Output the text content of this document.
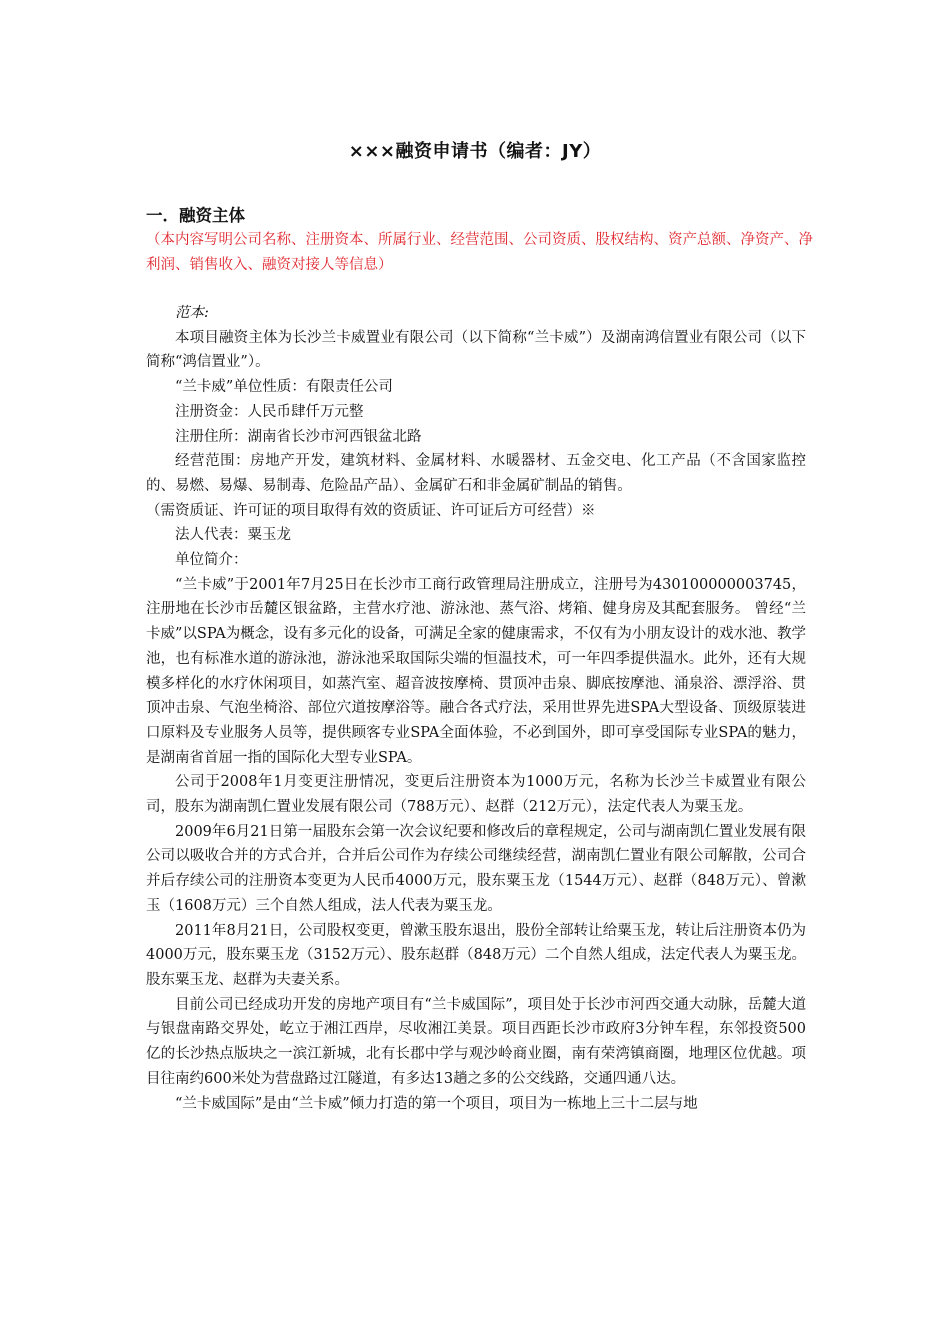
×××融资申请书（编者：JY）
一．融资主体
（本内容写明公司名称、注册资本、所属行业、经营范围、公司资质、股权结构、资产总额、净资产、净利润、销售收入、融资对接人等信息）

范本:

本项目融资主体为长沙兰卡威置业有限公司（以下简称“兰卡威”）及湖南鸿信置业有限公司（以下简称“鸿信置业”）。

“兰卡威”单位性质：有限责任公司

注册资金：人民币肆仟万元整

注册住所：湖南省长沙市河西银盆北路

经营范围：房地产开发，建筑材料、金属材料、水暖器材、五金交电、化工产品（不含国家监控的、易燃、易爆、易制毒、危险品产品）、金属矿石和非金属矿制品的销售。

（需资质证、许可证的项目取得有效的资质证、许可证后方可经营）※

法人代表：粟玉龙

单位简介：

“兰卡威”于2001年7月25日在长沙市工商行政管理局注册成立，注册号为430100000003745，注册地在长沙市岳麓区银盆路，主营水疗池、游泳池、蒸气浴、烤箱、健身房及其配套服务。 曾经“兰卡威”以SPA为概念，设有多元化的设备，可满足全家的健康需求，不仅有为小朋友设计的戏水池、教学池，也有标准水道的游泳池，游泳池采取国际尖端的恒温技术，可一年四季提供温水。此外，还有大规模多样化的水疗休闲项目，如蒸汽室、超音波按摩椅、贯顶冲击泉、脚底按摩池、涌泉浴、漂浮浴、贯顶冲击泉、气泡坐椅浴、部位穴道按摩浴等。融合各式疗法，采用世界先进SPA大型设备、顶级原装进口原料及专业服务人员等，提供顾客专业SPA全面体验，不必到国外，即可享受国际专业SPA的魅力，是湖南省首屈一指的国际化大型专业SPA。

公司于2008年1月变更注册情况，变更后注册资本为1000万元，名称为长沙兰卡威置业有限公司，股东为湖南凯仁置业发展有限公司（788万元）、赵群（212万元），法定代表人为粟玉龙。

2009年6月21日第一届股东会第一次会议纪要和修改后的章程规定，公司与湖南凯仁置业发展有限公司以吸收合并的方式合并，合并后公司作为存续公司继续经营，湖南凯仁置业有限公司解散，公司合并后存续公司的注册资本变更为人民币4000万元，股东粟玉龙（1544万元）、赵群（848万元）、曾漱玉（1608万元）三个自然人组成，法人代表为粟玉龙。

2011年8月21日，公司股权变更，曾漱玉股东退出，股份全部转让给粟玉龙，转让后注册资本仍为4000万元，股东粟玉龙（3152万元）、股东赵群（848万元）二个自然人组成，法定代表人为粟玉龙。股东粟玉龙、赵群为夫妻关系。

目前公司已经成功开发的房地产项目有“兰卡威国际”，项目处于长沙市河西交通大动脉，岳麓大道与银盘南路交界处，屹立于湘江西岸，尽收湘江美景。项目西距长沙市政府3分钟车程，东邻投资500亿的长沙热点版块之一滨江新城，北有长郡中学与观沙岭商业圈，南有荣湾镇商圈，地理区位优越。项目往南约600米处为营盘路过江隧道，有多达13趟之多的公交线路，交通四通八达。

“兰卡威国际”是由“兰卡威”倾力打造的第一个项目，项目为一栋地上三十二层与地
